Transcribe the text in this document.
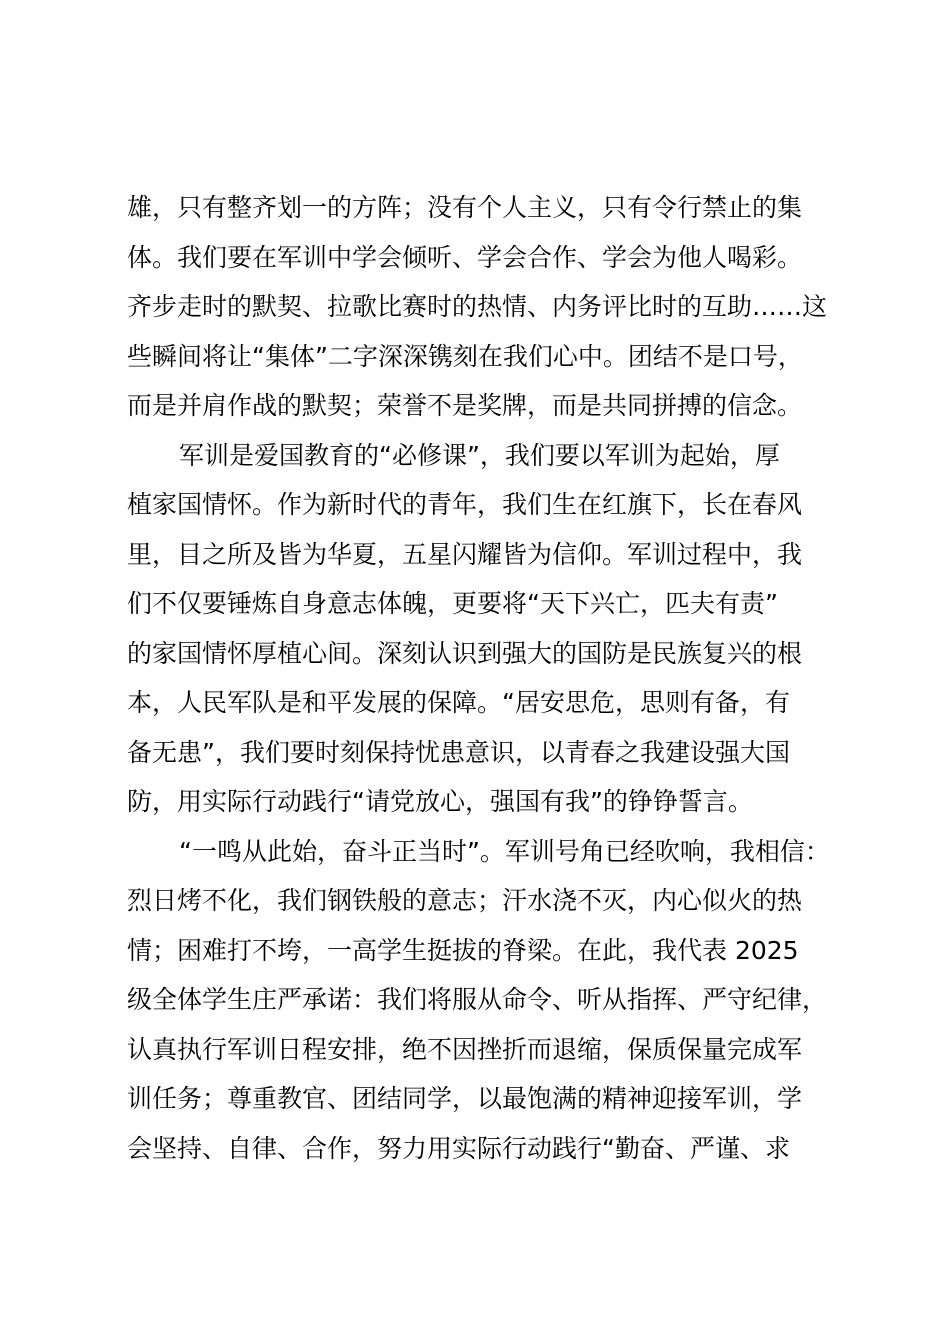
雄，只有整齐划一的方阵；没有个人主义，只有令行禁止的集
体。我们要在军训中学会倾听、学会合作、学会为他人喝彩。
齐步走时的默契、拉歌比赛时的热情、内务评比时的互助……这
些瞬间将让“集体”二字深深镌刻在我们心中。团结不是口号，
而是并肩作战的默契；荣誉不是奖牌，而是共同拼搏的信念。
军训是爱国教育的“必修课”，我们要以军训为起始，厚
植家国情怀。作为新时代的青年，我们生在红旗下，长在春风
里，目之所及皆为华夏，五星闪耀皆为信仰。军训过程中，我
们不仅要锤炼自身意志体魄，更要将“天下兴亡，匹夫有责”
的家国情怀厚植心间。深刻认识到强大的国防是民族复兴的根
本，人民军队是和平发展的保障。“居安思危，思则有备，有
备无患”，我们要时刻保持忧患意识，以青春之我建设强大国
防，用实际行动践行“请党放心，强国有我”的铮铮誓言。
“一鸣从此始，奋斗正当时”。军训号角已经吹响，我相信：
烈日烤不化，我们钢铁般的意志；汗水浇不灭，内心似火的热
情；困难打不垮，一高学生挺拔的脊梁。在此，我代表 2025
级全体学生庄严承诺：我们将服从命令、听从指挥、严守纪律，
认真执行军训日程安排，绝不因挫折而退缩，保质保量完成军
训任务；尊重教官、团结同学，以最饱满的精神迎接军训，学
会坚持、自律、合作，努力用实际行动践行“勤奋、严谨、求
